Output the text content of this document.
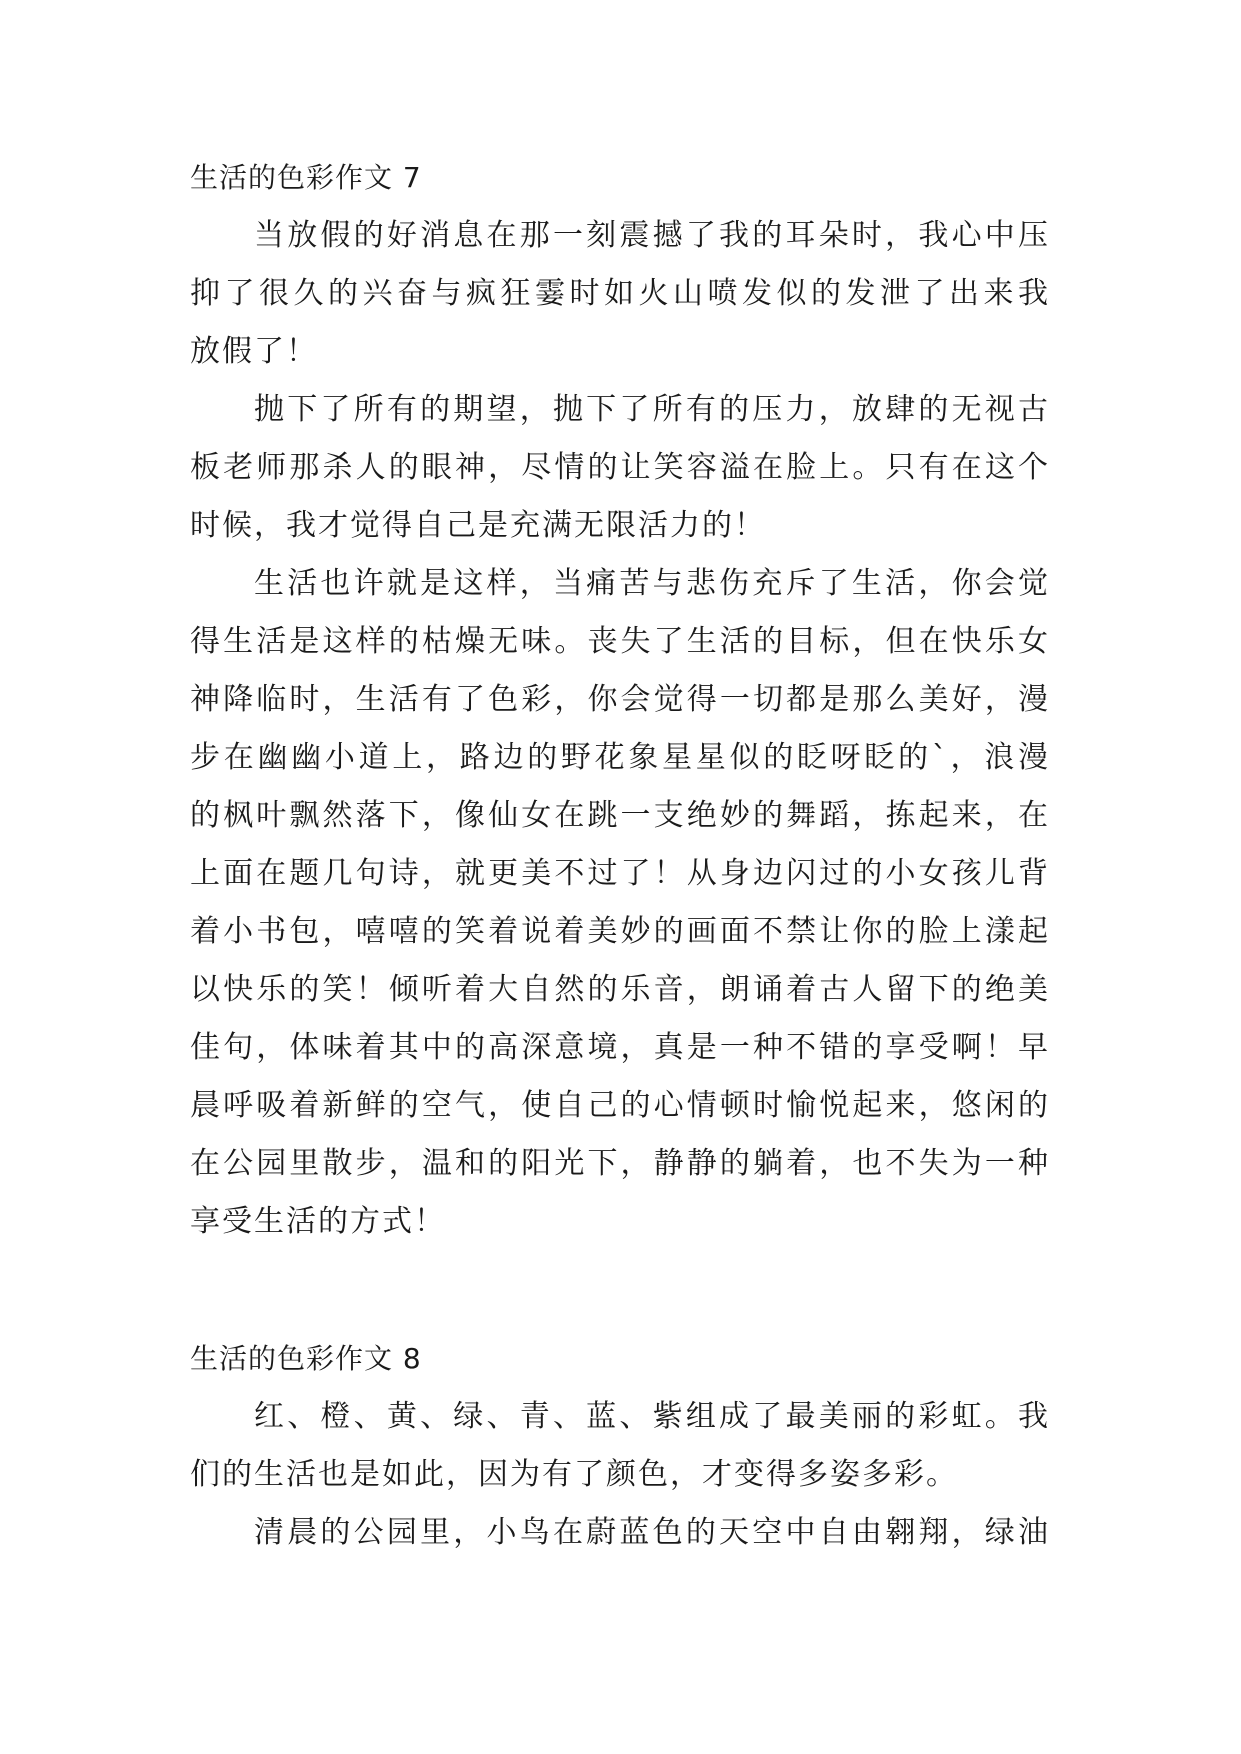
生活的色彩作文 7
当放假的好消息在那一刻震撼了我的耳朵时，我心中压
抑了很久的兴奋与疯狂霎时如火山喷发似的发泄了出来我
放假了！
抛下了所有的期望，抛下了所有的压力，放肆的无视古
板老师那杀人的眼神，尽情的让笑容溢在脸上。只有在这个
时候，我才觉得自己是充满无限活力的！
生活也许就是这样，当痛苦与悲伤充斥了生活，你会觉
得生活是这样的枯燥无味。丧失了生活的目标，但在快乐女
神降临时，生活有了色彩，你会觉得一切都是那么美好，漫
步在幽幽小道上，路边的野花象星星似的眨呀眨的`，浪漫
的枫叶飘然落下，像仙女在跳一支绝妙的舞蹈，拣起来，在
上面在题几句诗，就更美不过了！从身边闪过的小女孩儿背
着小书包，嘻嘻的笑着说着美妙的画面不禁让你的脸上漾起
以快乐的笑！倾听着大自然的乐音，朗诵着古人留下的绝美
佳句，体味着其中的高深意境，真是一种不错的享受啊！早
晨呼吸着新鲜的空气，使自己的心情顿时愉悦起来，悠闲的
在公园里散步，温和的阳光下，静静的躺着，也不失为一种
享受生活的方式！
生活的色彩作文 8
红、橙、黄、绿、青、蓝、紫组成了最美丽的彩虹。我
们的生活也是如此，因为有了颜色，才变得多姿多彩。
清晨的公园里，小鸟在蔚蓝色的天空中自由翱翔，绿油
